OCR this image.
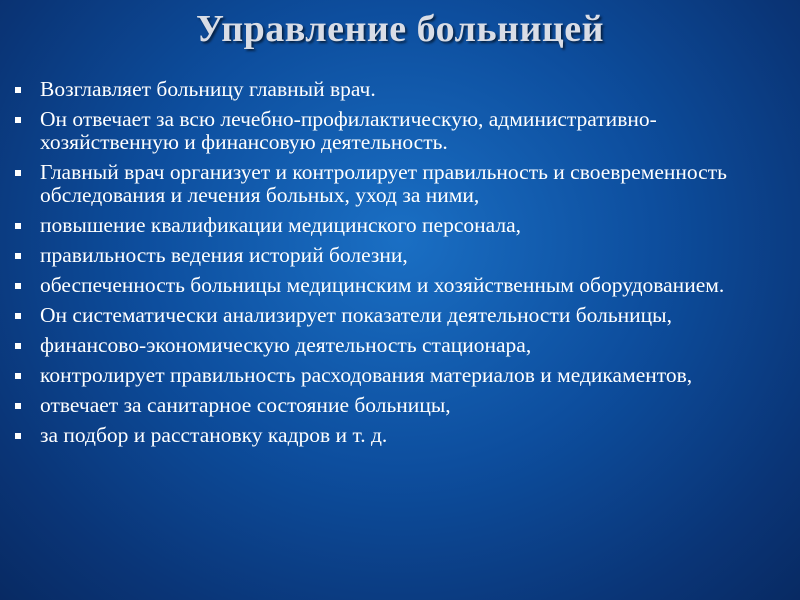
Управление больницей
Возглавляет больницу главный врач.
Он отвечает за всю лечебно-профилактическую, административно-хозяйственную и финансовую деятельность.
Главный врач организует и контролирует правильность и своевременность обследования и лечения больных, уход за ними,
повышение квалификации медицинского персонала,
правильность ведения историй болезни,
обеспеченность больницы медицинским и хозяйственным оборудованием.
Он систематически анализирует показатели деятельности больницы,
финансово-экономическую деятельность стационара,
контролирует правильность расходования материалов и медикаментов,
отвечает за санитарное состояние больницы,
за подбор и расстановку кадров и т. д.
